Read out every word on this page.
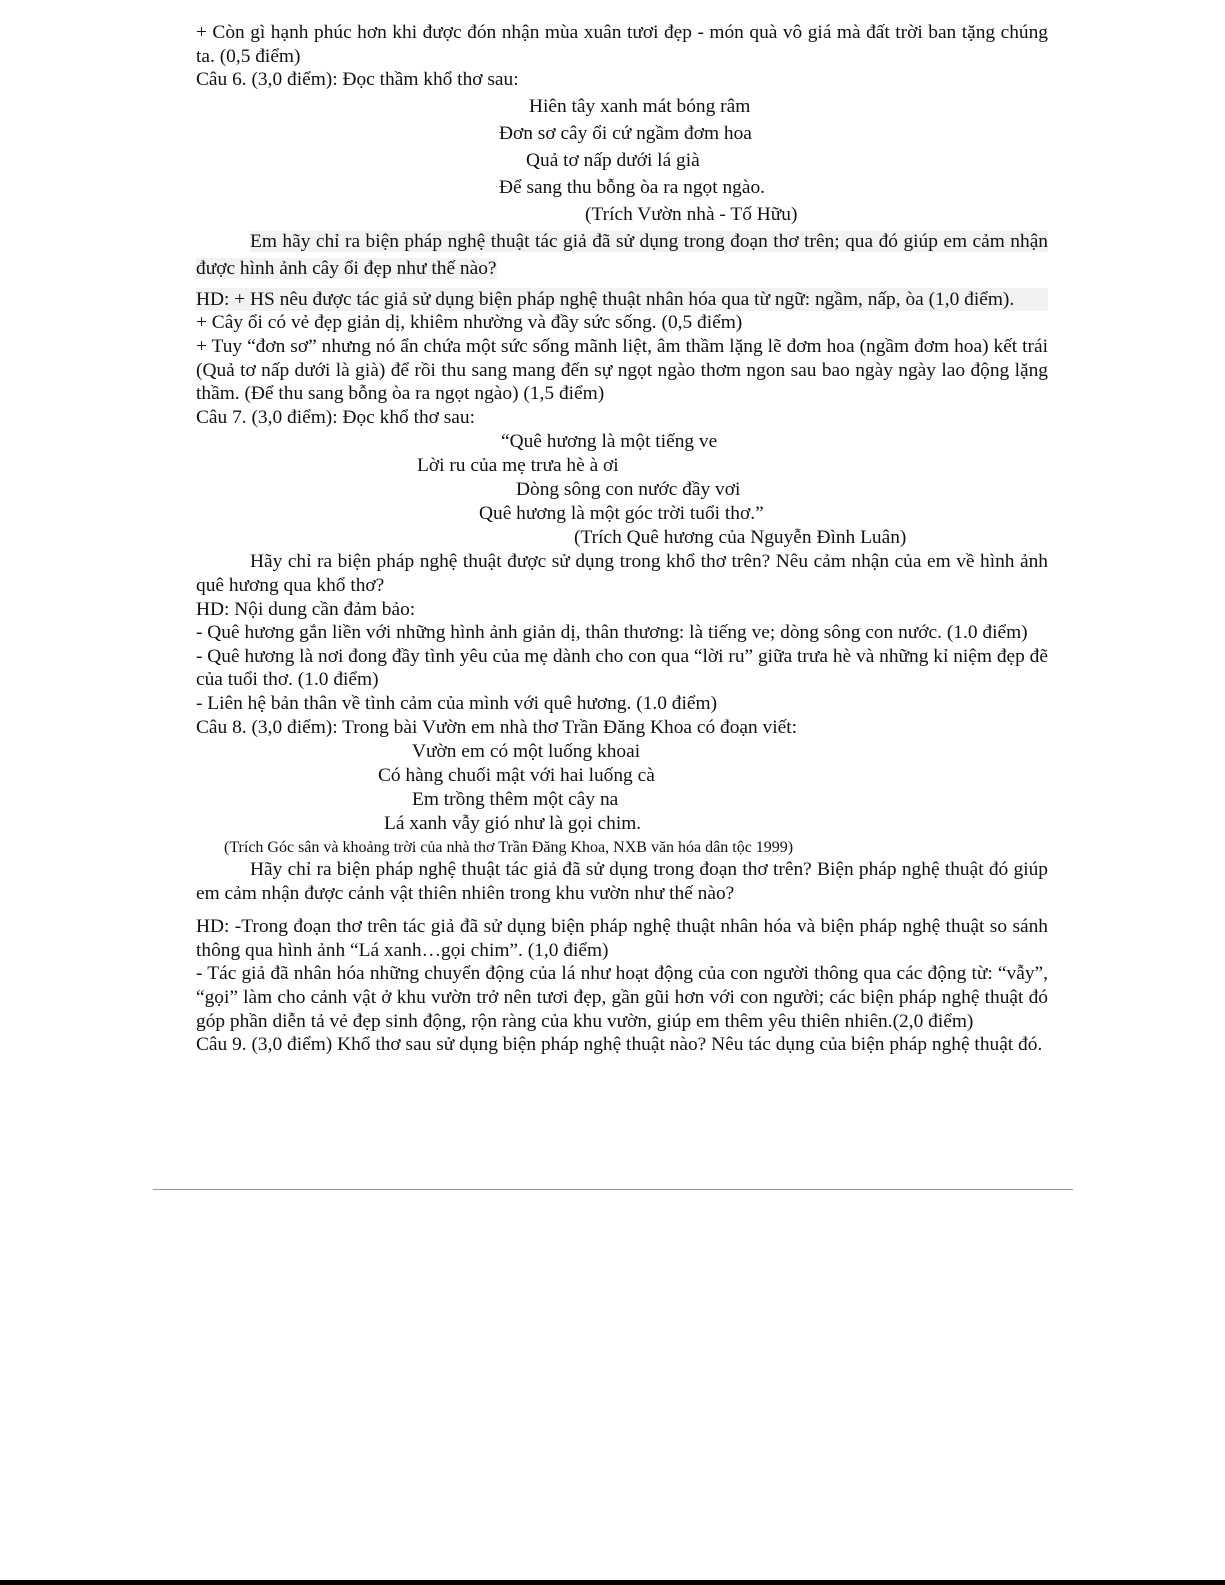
+ Còn gì hạnh phúc hơn khi được đón nhận mùa xuân tươi đẹp - món quà vô giá mà đất trời ban tặng chúng ta. (0,5 điểm)

Câu 6. (3,0 điểm): Đọc thầm khổ thơ sau:

Hiên tây xanh mát bóng râm

Đơn sơ cây ổi cứ ngầm đơm hoa

Quả tơ nấp dưới lá già

Để sang thu bỗng òa ra ngọt ngào.

(Trích Vườn nhà - Tố Hữu)

Em hãy chỉ ra biện pháp nghệ thuật tác giả đã sử dụng trong đoạn thơ trên; qua đó giúp em cảm nhận được hình ảnh cây ổi đẹp như thế nào?

HD: + HS nêu được tác giả sử dụng biện pháp nghệ thuật nhân hóa qua từ ngữ: ngầm, nấp, òa (1,0 điểm).

+ Cây ổi có vẻ đẹp giản dị, khiêm nhường và đầy sức sống. (0,5 điểm)

+ Tuy “đơn sơ” nhưng nó ẩn chứa một sức sống mãnh liệt, âm thầm lặng lẽ đơm hoa (ngầm đơm hoa) kết trái (Quả tơ nấp dưới là già) để rồi thu sang mang đến sự ngọt ngào thơm ngon sau bao ngày ngày lao động lặng thầm. (Để thu sang bỗng òa ra ngọt ngào) (1,5 điểm)

Câu 7. (3,0 điểm): Đọc khổ thơ sau:

“Quê hương là một tiếng ve

Lời ru của mẹ trưa hè à ơi

Dòng sông con nước đầy vơi

Quê hương là một góc trời tuổi thơ.”

(Trích Quê hương của Nguyễn Đình Luân)

Hãy chỉ ra biện pháp nghệ thuật được sử dụng trong khổ thơ trên? Nêu cảm nhận của em về hình ảnh quê hương qua khổ thơ?

HD: Nội dung cần đảm bảo:

- Quê hương gắn liền với những hình ảnh giản dị, thân thương: là tiếng ve; dòng sông con nước. (1.0 điểm)

- Quê hương là nơi đong đầy tình yêu của mẹ dành cho con qua “lời ru” giữa trưa hè và những kỉ niệm đẹp đẽ của tuổi thơ. (1.0 điểm)

- Liên hệ bản thân về tình cảm của mình với quê hương. (1.0 điểm)

Câu 8. (3,0 điểm): Trong bài Vườn em nhà thơ Trần Đăng Khoa có đoạn viết:

Vườn em có một luống khoai

Có hàng chuối mật với hai luống cà

Em trồng thêm một cây na

Lá xanh vẫy gió như là gọi chim.

(Trích Góc sân và khoảng trời của nhà thơ Trần Đăng Khoa, NXB văn hóa dân tộc 1999)

Hãy chỉ ra biện pháp nghệ thuật tác giả đã sử dụng trong đoạn thơ trên? Biện pháp nghệ thuật đó giúp em cảm nhận được cảnh vật thiên nhiên trong khu vườn như thế nào?

HD: -Trong đoạn thơ trên tác giả đã sử dụng biện pháp nghệ thuật nhân hóa và biện pháp nghệ thuật so sánh thông qua hình ảnh “Lá xanh…gọi chim”. (1,0 điểm)

- Tác giả đã nhân hóa những chuyển động của lá như hoạt động của con người thông qua các động từ: “vẫy”, “gọi” làm cho cảnh vật ở khu vườn trở nên tươi đẹp, gần gũi hơn với con người; các biện pháp nghệ thuật đó góp phần diễn tả vẻ đẹp sinh động, rộn ràng của khu vườn, giúp em thêm yêu thiên nhiên.(2,0 điểm)

Câu 9. (3,0 điểm) Khổ thơ sau sử dụng biện pháp nghệ thuật nào? Nêu tác dụng của biện pháp nghệ thuật đó.
